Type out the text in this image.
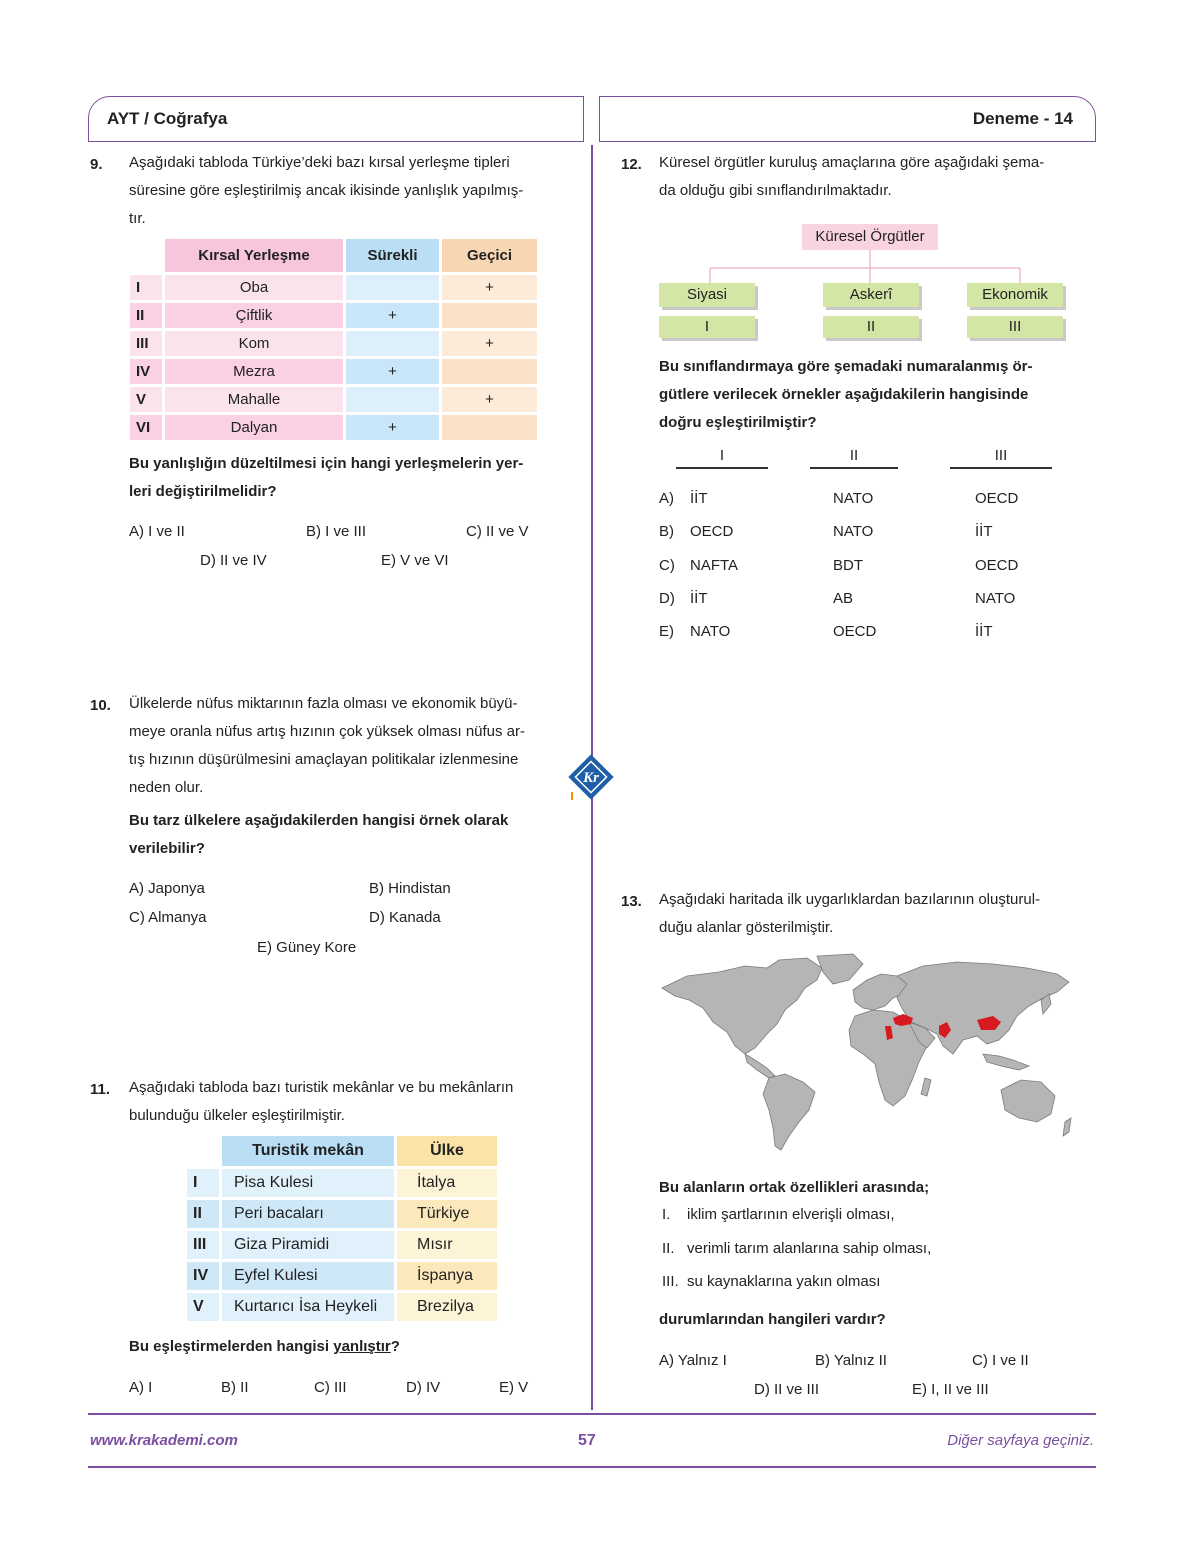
AYT / Coğrafya	Deneme - 14
9. Aşağıdaki tabloda Türkiye’deki bazı kırsal yerleşme tipleri
süresine göre eşleştirilmiş ancak ikisinde yanlışlık yapılmış-
tır.
	Kırsal Yerleşme	Sürekli	Geçici
I	Oba		+
II	Çiftlik	+	
III	Kom		+
IV	Mezra	+	
V	Mahalle		+
VI	Dalyan	+	
Bu yanlışlığın düzeltilmesi için hangi yerleşmelerin yer-
leri değiştirilmelidir?
A) I ve II	B) I ve III	C) II ve V
D) II ve IV	E) V ve VI
10. Ülkelerde nüfus miktarının fazla olması ve ekonomik büyü-
meye oranla nüfus artış hızının çok yüksek olması nüfus ar-
tış hızının düşürülmesini amaçlayan politikalar izlenmesine
neden olur.
Bu tarz ülkelere aşağıdakilerden hangisi örnek olarak
verilebilir?
A) Japonya	B) Hindistan
C) Almanya	D) Kanada
E) Güney Kore
Kr
11. Aşağıdaki tabloda bazı turistik mekânlar ve bu mekânların
bulunduğu ülkeler eşleştirilmiştir.
	Turistik mekân	Ülke
I	Pisa Kulesi	İtalya
II	Peri bacaları	Türkiye
III	Giza Piramidi	Mısır
IV	Eyfel Kulesi	İspanya
V	Kurtarıcı İsa Heykeli	Brezilya
Bu eşleştirmelerden hangisi yanlıştır?
A) I	B) II	C) III	D) IV	E) V
12. Küresel örgütler kuruluş amaçlarına göre aşağıdaki şema-
da olduğu gibi sınıflandırılmaktadır.
Küresel Örgütler
Siyasi	Askerî	Ekonomik
I	II	III
Bu sınıflandırmaya göre şemadaki numaralanmış ör-
gütlere verilecek örnekler aşağıdakilerin hangisinde
doğru eşleştirilmiştir?
I	II	III
A) İİT	NATO	OECD
B) OECD	NATO	İİT
C) NAFTA	BDT	OECD
D) İİT	AB	NATO
E) NATO	OECD	İİT
13. Aşağıdaki haritada ilk uygarlıklardan bazılarının oluşturul-
duğu alanlar gösterilmiştir.
Bu alanların ortak özellikleri arasında;
I. iklim şartlarının elverişli olması,
II. verimli tarım alanlarına sahip olması,
III. su kaynaklarına yakın olması
durumlarından hangileri vardır?
A) Yalnız I	B) Yalnız II	C) I ve II
D) II ve III	E) I, II ve III
www.krakademi.com	57	Diğer sayfaya geçiniz.
